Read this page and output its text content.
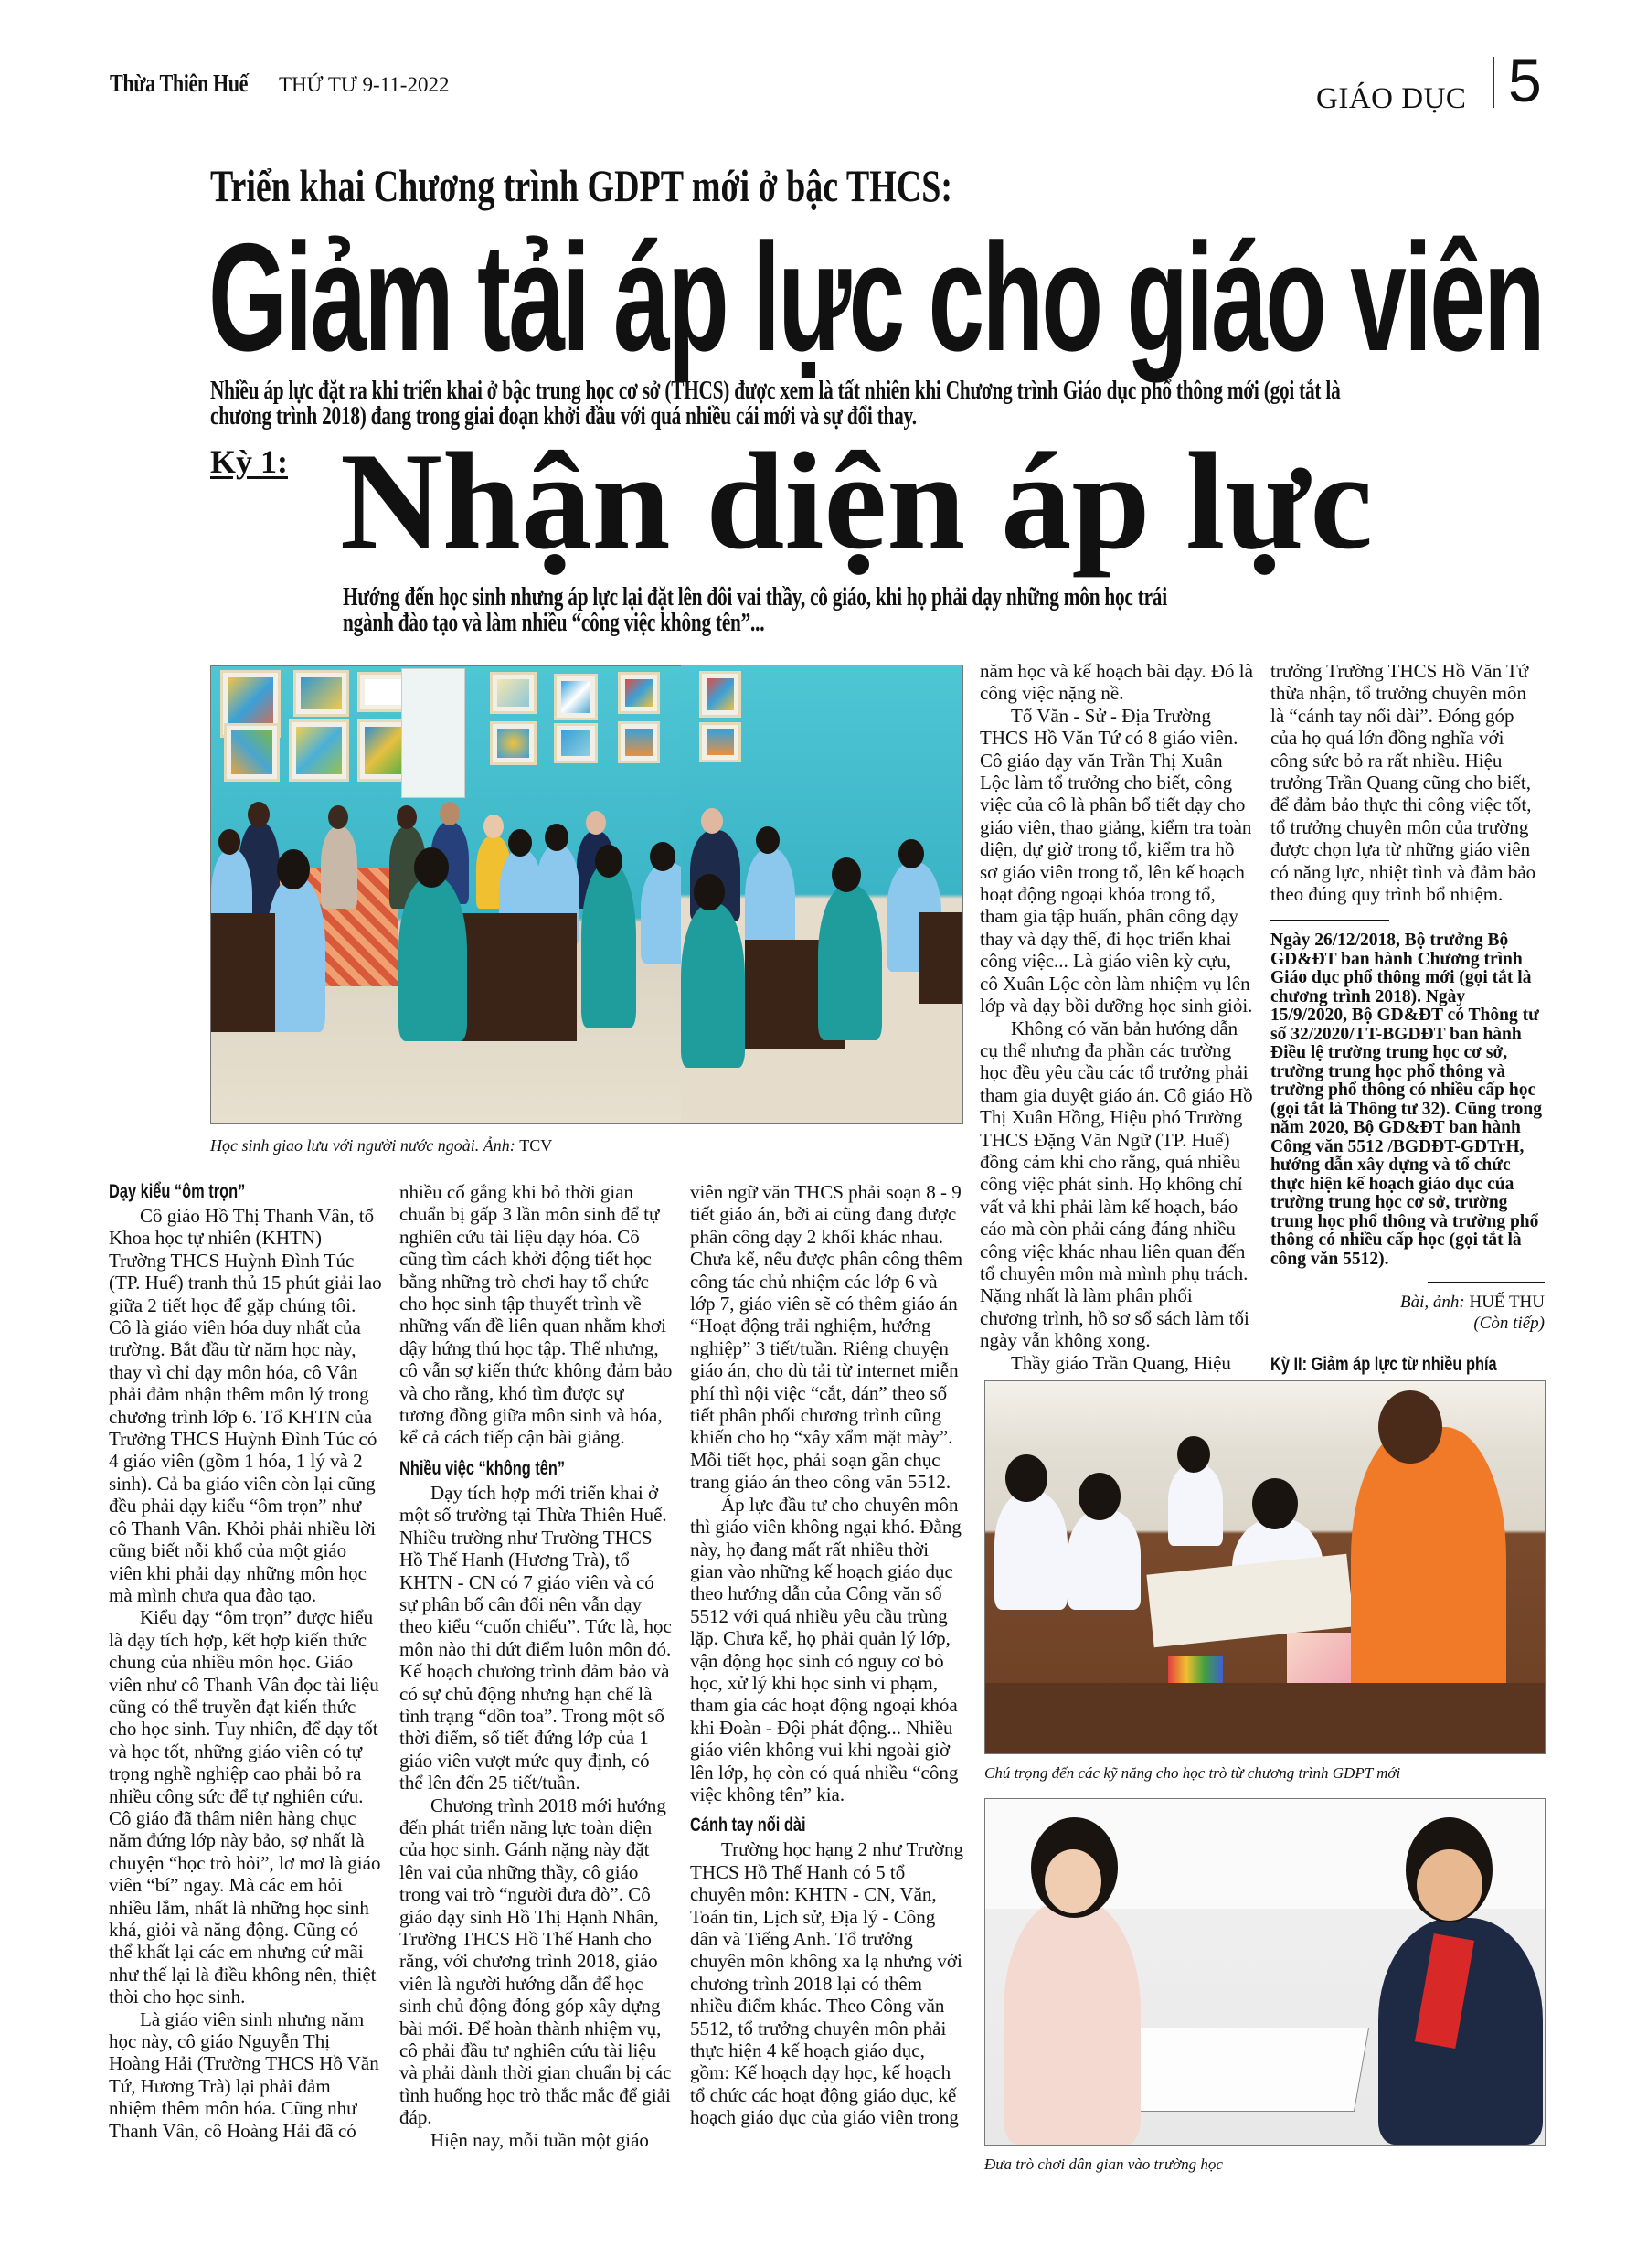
Thừa Thiên Huế THỨ TƯ 9-11-2022	GIÁO DỤC 5
Triển khai Chương trình GDPT mới ở bậc THCS:
Giảm tải áp lực cho giáo viên
Nhiều áp lực đặt ra khi triển khai ở bậc trung học cơ sở (THCS) được xem là tất nhiên khi Chương trình Giáo dục phổ thông mới (gọi tắt là chương trình 2018) đang trong giai đoạn khởi đầu với quá nhiều cái mới và sự đổi thay.
Kỳ 1: Nhận diện áp lực
Hướng đến học sinh nhưng áp lực lại đặt lên đôi vai thầy, cô giáo, khi họ phải dạy những môn học trái ngành đào tạo và làm nhiều “công việc không tên”...
Học sinh giao lưu với người nước ngoài. Ảnh: TCV
Dạy kiểu “ôm trọn”

Cô giáo Hồ Thị Thanh Vân, tổ Khoa học tự nhiên (KHTN) Trường THCS Huỳnh Đình Túc (TP. Huế) tranh thủ 15 phút giải lao giữa 2 tiết học để gặp chúng tôi. Cô là giáo viên hóa duy nhất của trường. Bắt đầu từ năm học này, thay vì chỉ dạy môn hóa, cô Vân phải đảm nhận thêm môn lý trong chương trình lớp 6. Tổ KHTN của Trường THCS Huỳnh Đình Túc có 4 giáo viên (gồm 1 hóa, 1 lý và 2 sinh). Cả ba giáo viên còn lại cũng đều phải dạy kiểu “ôm trọn” như cô Thanh Vân. Khỏi phải nhiều lời cũng biết nỗi khổ của một giáo viên khi phải dạy những môn học mà mình chưa qua đào tạo.

Kiểu dạy “ôm trọn” được hiểu là dạy tích hợp, kết hợp kiến thức chung của nhiều môn học. Giáo viên như cô Thanh Vân đọc tài liệu cũng có thể truyền đạt kiến thức cho học sinh. Tuy nhiên, để dạy tốt và học tốt, những giáo viên có tự trọng nghề nghiệp cao phải bỏ ra nhiều công sức để tự nghiên cứu. Cô giáo đã thâm niên hàng chục năm đứng lớp này bảo, sợ nhất là chuyện “học trò hỏi”, lơ mơ là giáo viên “bí” ngay. Mà các em hỏi nhiều lắm, nhất là những học sinh khá, giỏi và năng động. Cũng có thể khất lại các em nhưng cứ mãi như thế lại là điều không nên, thiệt thòi cho học sinh.

Là giáo viên sinh nhưng năm học này, cô giáo Nguyễn Thị Hoàng Hải (Trường THCS Hồ Văn Tứ, Hương Trà) lại phải đảm nhiệm thêm môn hóa. Cũng như Thanh Vân, cô Hoàng Hải đã có

nhiều cố gắng khi bỏ thời gian chuẩn bị gấp 3 lần môn sinh để tự nghiên cứu tài liệu dạy hóa. Cô cũng tìm cách khởi động tiết học bằng những trò chơi hay tổ chức cho học sinh tập thuyết trình về những vấn đề liên quan nhằm khơi dậy hứng thú học tập. Thế nhưng, cô vẫn sợ kiến thức không đảm bảo và cho rằng, khó tìm được sự tương đồng giữa môn sinh và hóa, kể cả cách tiếp cận bài giảng.

Nhiều việc “không tên”

Dạy tích hợp mới triển khai ở một số trường tại Thừa Thiên Huế. Nhiều trường như Trường THCS Hồ Thế Hanh (Hương Trà), tổ KHTN - CN có 7 giáo viên và có sự phân bố cân đối nên vẫn dạy theo kiểu “cuốn chiếu”. Tức là, học môn nào thi dứt điểm luôn môn đó. Kế hoạch chương trình đảm bảo và có sự chủ động nhưng hạn chế là tình trạng “dồn toa”. Trong một số thời điểm, số tiết đứng lớp của 1 giáo viên vượt mức quy định, có thể lên đến 25 tiết/tuần.

Chương trình 2018 mới hướng đến phát triển năng lực toàn diện của học sinh. Gánh nặng này đặt lên vai của những thầy, cô giáo trong vai trò “người đưa đò”. Cô giáo dạy sinh Hồ Thị Hạnh Nhân, Trường THCS Hồ Thế Hanh cho rằng, với chương trình 2018, giáo viên là người hướng dẫn để học sinh chủ động đóng góp xây dựng bài mới. Để hoàn thành nhiệm vụ, cô phải đầu tư nghiên cứu tài liệu và phải dành thời gian chuẩn bị các tình huống học trò thắc mắc để giải đáp.

Hiện nay, mỗi tuần một giáo

viên ngữ văn THCS phải soạn 8 - 9 tiết giáo án, bởi ai cũng đang được phân công dạy 2 khối khác nhau. Chưa kể, nếu được phân công thêm công tác chủ nhiệm các lớp 6 và lớp 7, giáo viên sẽ có thêm giáo án “Hoạt động trải nghiệm, hướng nghiệp” 3 tiết/tuần. Riêng chuyện giáo án, cho dù tải từ internet miễn phí thì nội việc “cắt, dán” theo số tiết phân phối chương trình cũng khiến cho họ “xây xẩm mặt mày”. Mỗi tiết học, phải soạn gần chục trang giáo án theo công văn 5512.

Áp lực đầu tư cho chuyên môn thì giáo viên không ngại khó. Đằng này, họ đang mất rất nhiều thời gian vào những kế hoạch giáo dục theo hướng dẫn của Công văn số 5512 với quá nhiều yêu cầu trùng lặp. Chưa kể, họ phải quản lý lớp, vận động học sinh có nguy cơ bỏ học, xử lý khi học sinh vi phạm, tham gia các hoạt động ngoại khóa khi Đoàn - Đội phát động... Nhiều giáo viên không vui khi ngoài giờ lên lớp, họ còn có quá nhiều “công việc không tên” kia.

Cánh tay nối dài

Trường học hạng 2 như Trường THCS Hồ Thế Hanh có 5 tổ chuyên môn: KHTN - CN, Văn, Toán tin, Lịch sử, Địa lý - Công dân và Tiếng Anh. Tổ trưởng chuyên môn không xa lạ nhưng với chương trình 2018 lại có thêm nhiều điểm khác. Theo Công văn 5512, tổ trưởng chuyên môn phải thực hiện 4 kế hoạch giáo dục, gồm: Kế hoạch dạy học, kế hoạch tổ chức các hoạt động giáo dục, kế hoạch giáo dục của giáo viên trong

năm học và kế hoạch bài dạy. Đó là công việc nặng nề.

Tổ Văn - Sử - Địa Trường THCS Hồ Văn Tứ có 8 giáo viên. Cô giáo dạy văn Trần Thị Xuân Lộc làm tổ trưởng cho biết, công việc của cô là phân bổ tiết dạy cho giáo viên, thao giảng, kiểm tra toàn diện, dự giờ trong tổ, kiểm tra hồ sơ giáo viên trong tổ, lên kế hoạch hoạt động ngoại khóa trong tổ, tham gia tập huấn, phân công dạy thay và dạy thế, đi học triển khai công việc... Là giáo viên kỳ cựu, cô Xuân Lộc còn làm nhiệm vụ lên lớp và dạy bồi dưỡng học sinh giỏi.

Không có văn bản hướng dẫn cụ thể nhưng đa phần các trường học đều yêu cầu các tổ trưởng phải tham gia duyệt giáo án. Cô giáo Hồ Thị Xuân Hồng, Hiệu phó Trường THCS Đặng Văn Ngữ (TP. Huế) đồng cảm khi cho rằng, quá nhiều công việc phát sinh. Họ không chỉ vất vả khi phải làm kế hoạch, báo cáo mà còn phải cáng đáng nhiều công việc khác nhau liên quan đến tổ chuyên môn mà mình phụ trách. Nặng nhất là làm phân phối chương trình, hồ sơ sổ sách làm tối ngày vẫn không xong.

Thầy giáo Trần Quang, Hiệu

trưởng Trường THCS Hồ Văn Tứ thừa nhận, tổ trưởng chuyên môn là “cánh tay nối dài”. Đóng góp của họ quá lớn đồng nghĩa với công sức bỏ ra rất nhiều. Hiệu trưởng Trần Quang cũng cho biết, để đảm bảo thực thi công việc tốt, tổ trưởng chuyên môn của trường được chọn lựa từ những giáo viên có năng lực, nhiệt tình và đảm bảo theo đúng quy trình bổ nhiệm.

Ngày 26/12/2018, Bộ trưởng Bộ GD&ĐT ban hành Chương trình Giáo dục phổ thông mới (gọi tắt là chương trình 2018). Ngày 15/9/2020, Bộ GD&ĐT có Thông tư số 32/2020/TT-BGDĐT ban hành Điều lệ trường trung học cơ sở, trường trung học phổ thông và trường phổ thông có nhiều cấp học (gọi tắt là Thông tư 32). Cũng trong năm 2020, Bộ GD&ĐT ban hành Công văn 5512 /BGDĐT-GDTrH, hướng dẫn xây dựng và tổ chức thực hiện kế hoạch giáo dục của trường trung học cơ sở, trường trung học phổ thông và trường phổ thông có nhiều cấp học (gọi tắt là công văn 5512).
Bài, ảnh: HUẾ THU
(Còn tiếp)
Kỳ II: Giảm áp lực từ nhiều phía
Chú trọng đến các kỹ năng cho học trò từ chương trình GDPT mới
Đưa trò chơi dân gian vào trường học
